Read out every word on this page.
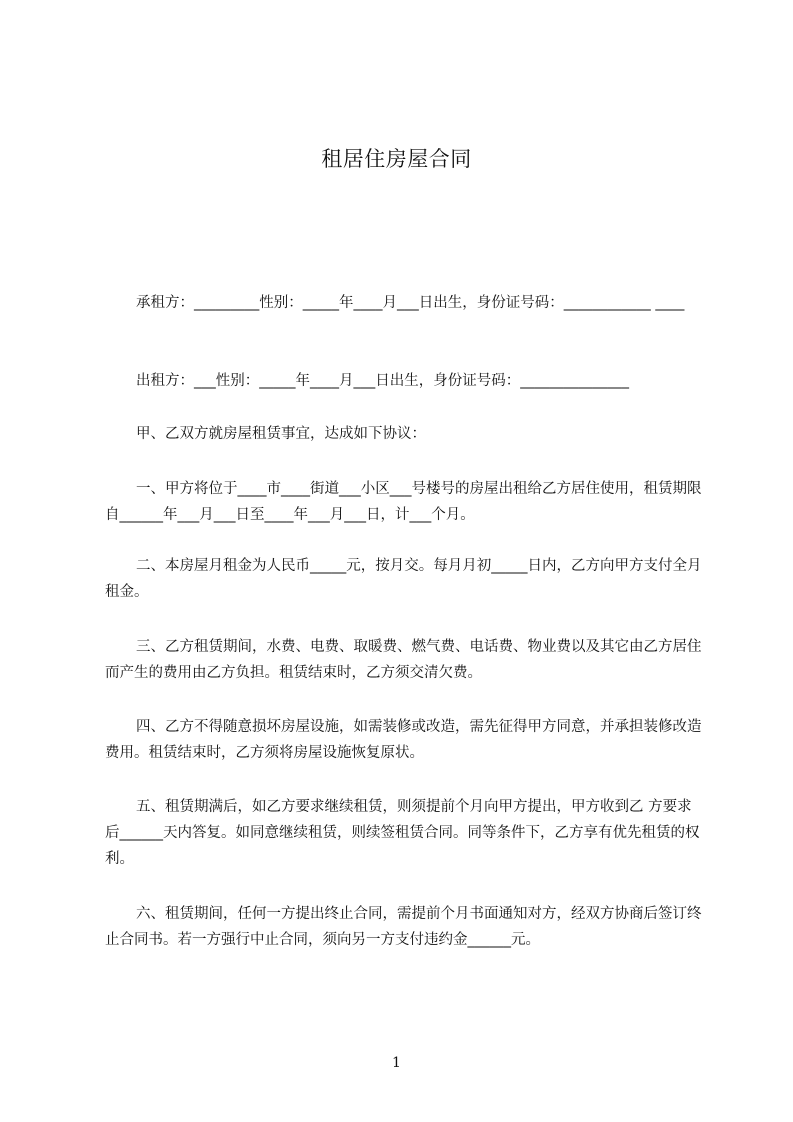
租居住房屋合同

承租方：_________性别：_____年____月___日出生，身份证号码：____________ ____

出租方：___性别：_____年____月___日出生，身份证号码：_______________

甲、乙双方就房屋租赁事宜，达成如下协议：

一、甲方将位于____市____街道___小区___号楼号的房屋出租给乙方居住使用，租赁期限自______年___月___日至____年___月___日，计___个月。

二、本房屋月租金为人民币_____元，按月交。每月月初_____日内，乙方向甲方支付全月租金。

三、乙方租赁期间，水费、电费、取暖费、燃气费、电话费、物业费以及其它由乙方居住而产生的费用由乙方负担。租赁结束时，乙方须交清欠费。

四、乙方不得随意损坏房屋设施，如需装修或改造，需先征得甲方同意，并承担装修改造费用。租赁结束时，乙方须将房屋设施恢复原状。

五、租赁期满后，如乙方要求继续租赁，则须提前个月向甲方提出，甲方收到乙 方要求后______天内答复。如同意继续租赁，则续签租赁合同。同等条件下，乙方享有优先租赁的权利。

六、租赁期间，任何一方提出终止合同，需提前个月书面通知对方，经双方协商后签订终止合同书。若一方强行中止合同，须向另一方支付违约金______元。

1
